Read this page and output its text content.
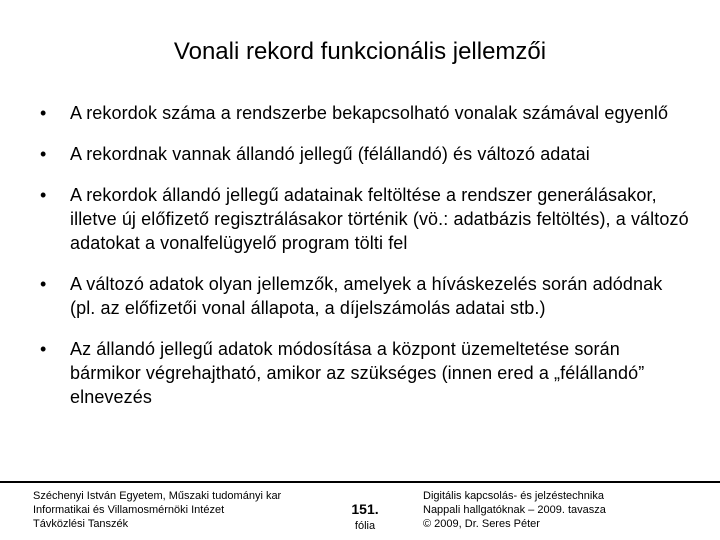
Vonali rekord funkcionális jellemzői
•	A rekordok száma a rendszerbe bekapcsolható vonalak számával egyenlő
•	A rekordnak vannak állandó jellegű (félállandó) és változó adatai
•	A rekordok állandó jellegű adatainak feltöltése a rendszer generálásakor, illetve új előfizető regisztrálásakor történik (vö.: adatbázis feltöltés), a változó adatokat a vonalfelügyelő program tölti fel
•	A változó adatok olyan jellemzők, amelyek a híváskezelés során adódnak (pl. az előfizetői vonal állapota, a díjelszámolás adatai stb.)
•	Az állandó jellegű adatok módosítása a központ üzemeltetése során bármikor végrehajtható, amikor az szükséges (innen ered a „félállandó” elnevezés
Széchenyi István Egyetem, Műszaki tudományi kar
Informatikai és Villamosmérnöki Intézet
Távközlési Tanszék
151.
fólia
Digitális kapcsolás- és jelzéstechnika
Nappali hallgatóknak – 2009. tavasza
© 2009, Dr. Seres Péter
